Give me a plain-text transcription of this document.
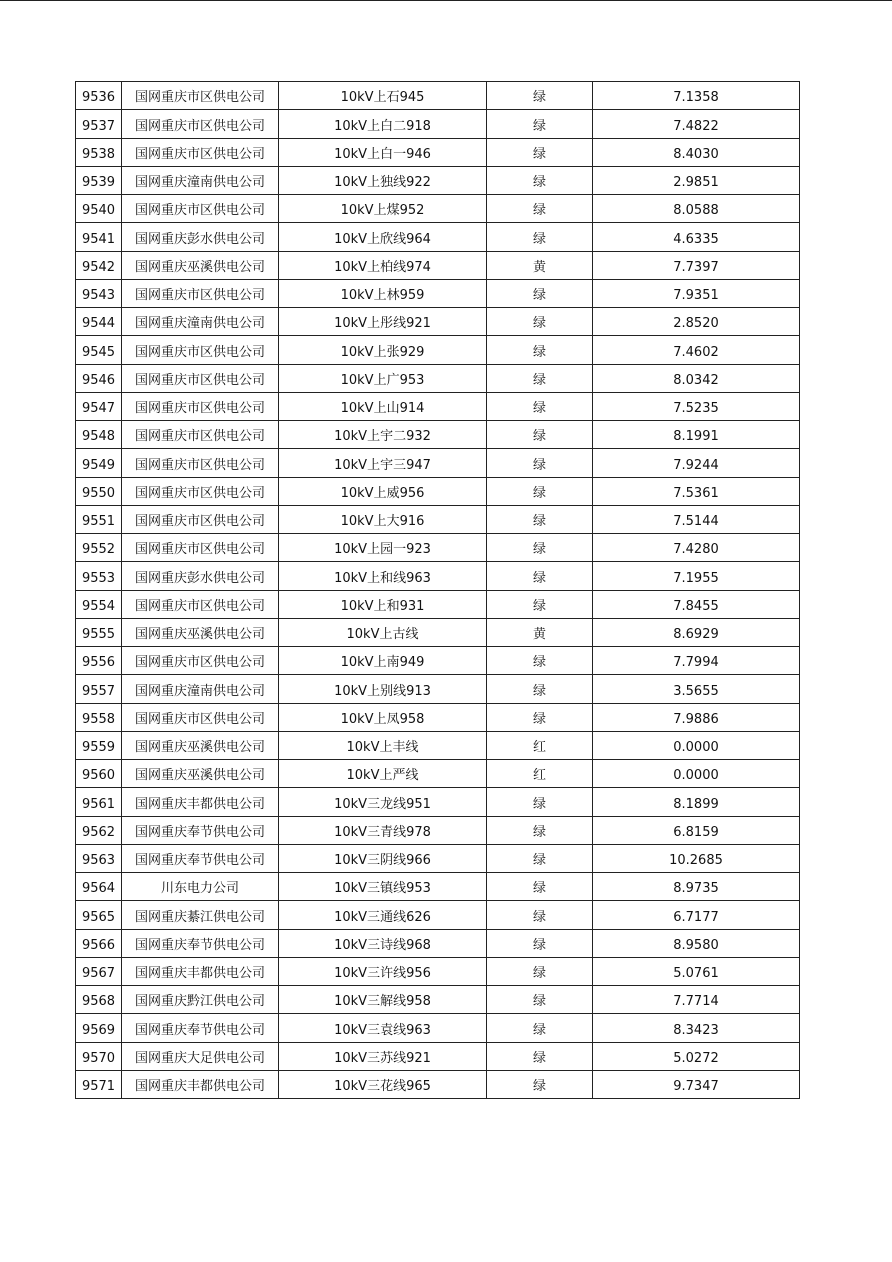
9536	国网重庆市区供电公司	10kV上石945	绿	7.1358
9537	国网重庆市区供电公司	10kV上白二918	绿	7.4822
9538	国网重庆市区供电公司	10kV上白一946	绿	8.4030
9539	国网重庆潼南供电公司	10kV上独线922	绿	2.9851
9540	国网重庆市区供电公司	10kV上煤952	绿	8.0588
9541	国网重庆彭水供电公司	10kV上欣线964	绿	4.6335
9542	国网重庆巫溪供电公司	10kV上柏线974	黄	7.7397
9543	国网重庆市区供电公司	10kV上林959	绿	7.9351
9544	国网重庆潼南供电公司	10kV上彤线921	绿	2.8520
9545	国网重庆市区供电公司	10kV上张929	绿	7.4602
9546	国网重庆市区供电公司	10kV上广953	绿	8.0342
9547	国网重庆市区供电公司	10kV上山914	绿	7.5235
9548	国网重庆市区供电公司	10kV上宇二932	绿	8.1991
9549	国网重庆市区供电公司	10kV上宇三947	绿	7.9244
9550	国网重庆市区供电公司	10kV上威956	绿	7.5361
9551	国网重庆市区供电公司	10kV上大916	绿	7.5144
9552	国网重庆市区供电公司	10kV上园一923	绿	7.4280
9553	国网重庆彭水供电公司	10kV上和线963	绿	7.1955
9554	国网重庆市区供电公司	10kV上和931	绿	7.8455
9555	国网重庆巫溪供电公司	10kV上古线	黄	8.6929
9556	国网重庆市区供电公司	10kV上南949	绿	7.7994
9557	国网重庆潼南供电公司	10kV上别线913	绿	3.5655
9558	国网重庆市区供电公司	10kV上凤958	绿	7.9886
9559	国网重庆巫溪供电公司	10kV上丰线	红	0.0000
9560	国网重庆巫溪供电公司	10kV上严线	红	0.0000
9561	国网重庆丰都供电公司	10kV三龙线951	绿	8.1899
9562	国网重庆奉节供电公司	10kV三青线978	绿	6.8159
9563	国网重庆奉节供电公司	10kV三阴线966	绿	10.2685
9564	川东电力公司	10kV三镇线953	绿	8.9735
9565	国网重庆綦江供电公司	10kV三通线626	绿	6.7177
9566	国网重庆奉节供电公司	10kV三诗线968	绿	8.9580
9567	国网重庆丰都供电公司	10kV三许线956	绿	5.0761
9568	国网重庆黔江供电公司	10kV三解线958	绿	7.7714
9569	国网重庆奉节供电公司	10kV三袁线963	绿	8.3423
9570	国网重庆大足供电公司	10kV三苏线921	绿	5.0272
9571	国网重庆丰都供电公司	10kV三花线965	绿	9.7347
